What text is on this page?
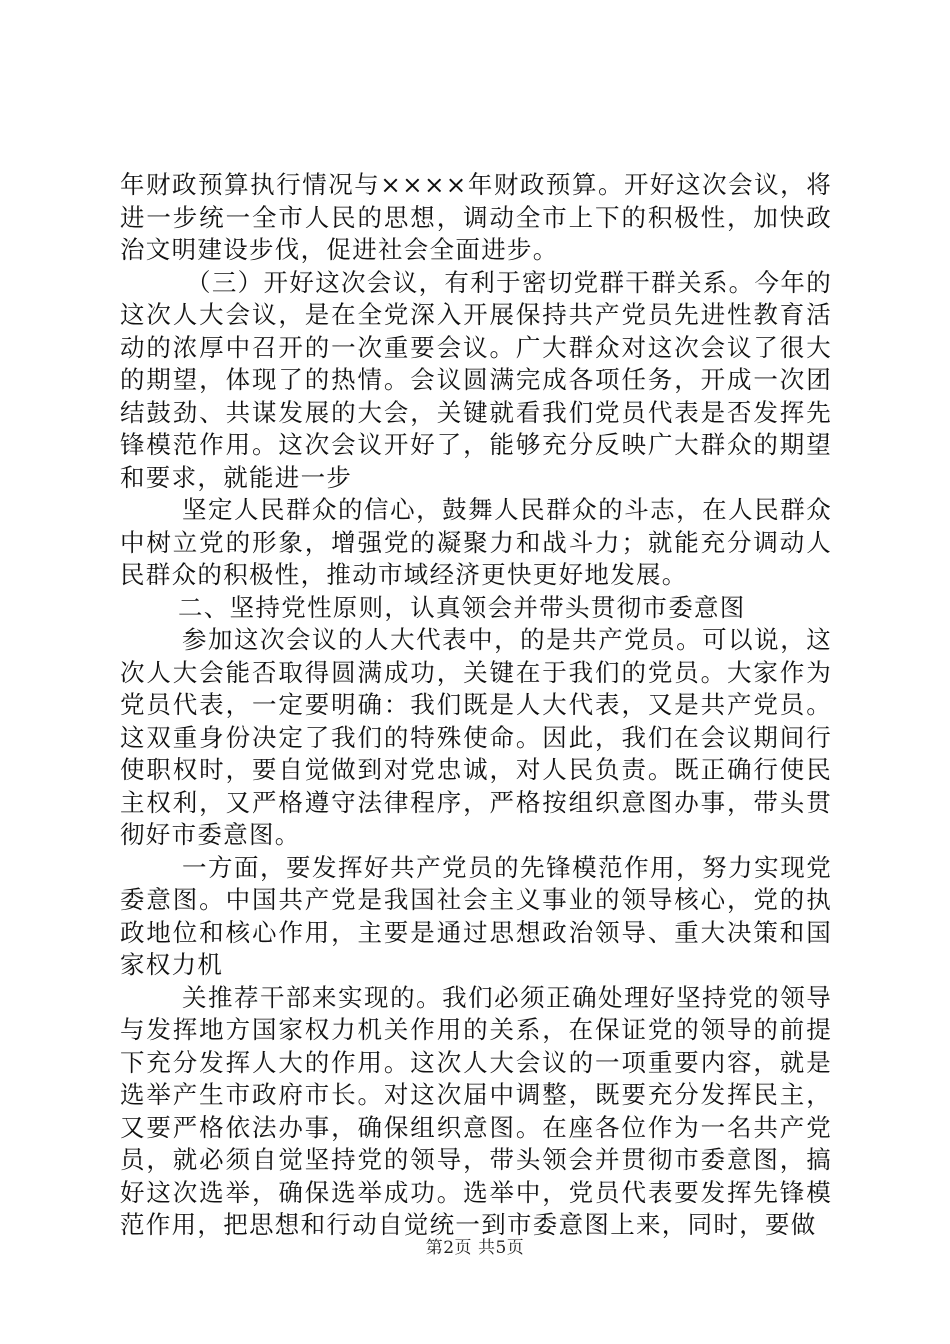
年财政预算执行情况与××××年财政预算。开好这次会议，将进一步统一全市人民的思想，调动全市上下的积极性，加快政治文明建设步伐，促进社会全面进步。

（三）开好这次会议，有利于密切党群干群关系。今年的这次人大会议，是在全党深入开展保持共产党员先进性教育活动的浓厚中召开的一次重要会议。广大群众对这次会议了很大的期望，体现了的热情。会议圆满完成各项任务，开成一次团结鼓劲、共谋发展的大会，关键就看我们党员代表是否发挥先锋模范作用。这次会议开好了，能够充分反映广大群众的期望和要求，就能进一步

坚定人民群众的信心，鼓舞人民群众的斗志，在人民群众中树立党的形象，增强党的凝聚力和战斗力；就能充分调动人民群众的积极性，推动市域经济更快更好地发展。

二、坚持党性原则，认真领会并带头贯彻市委意图

参加这次会议的人大代表中，的是共产党员。可以说，这次人大会能否取得圆满成功，关键在于我们的党员。大家作为党员代表，一定要明确：我们既是人大代表，又是共产党员。这双重身份决定了我们的特殊使命。因此，我们在会议期间行使职权时，要自觉做到对党忠诚，对人民负责。既正确行使民主权利，又严格遵守法律程序，严格按组织意图办事，带头贯彻好市委意图。

一方面，要发挥好共产党员的先锋模范作用，努力实现党委意图。中国共产党是我国社会主义事业的领导核心，党的执政地位和核心作用，主要是通过思想政治领导、重大决策和国家权力机

关推荐干部来实现的。我们必须正确处理好坚持党的领导与发挥地方国家权力机关作用的关系，在保证党的领导的前提下充分发挥人大的作用。这次人大会议的一项重要内容，就是选举产生市政府市长。对这次届中调整，既要充分发挥民主，又要严格依法办事，确保组织意图。在座各位作为一名共产党员，就必须自觉坚持党的领导，带头领会并贯彻市委意图，搞好这次选举，确保选举成功。选举中，党员代表要发挥先锋模范作用，把思想和行动自觉统一到市委意图上来，同时，要做

第2页 共5页
